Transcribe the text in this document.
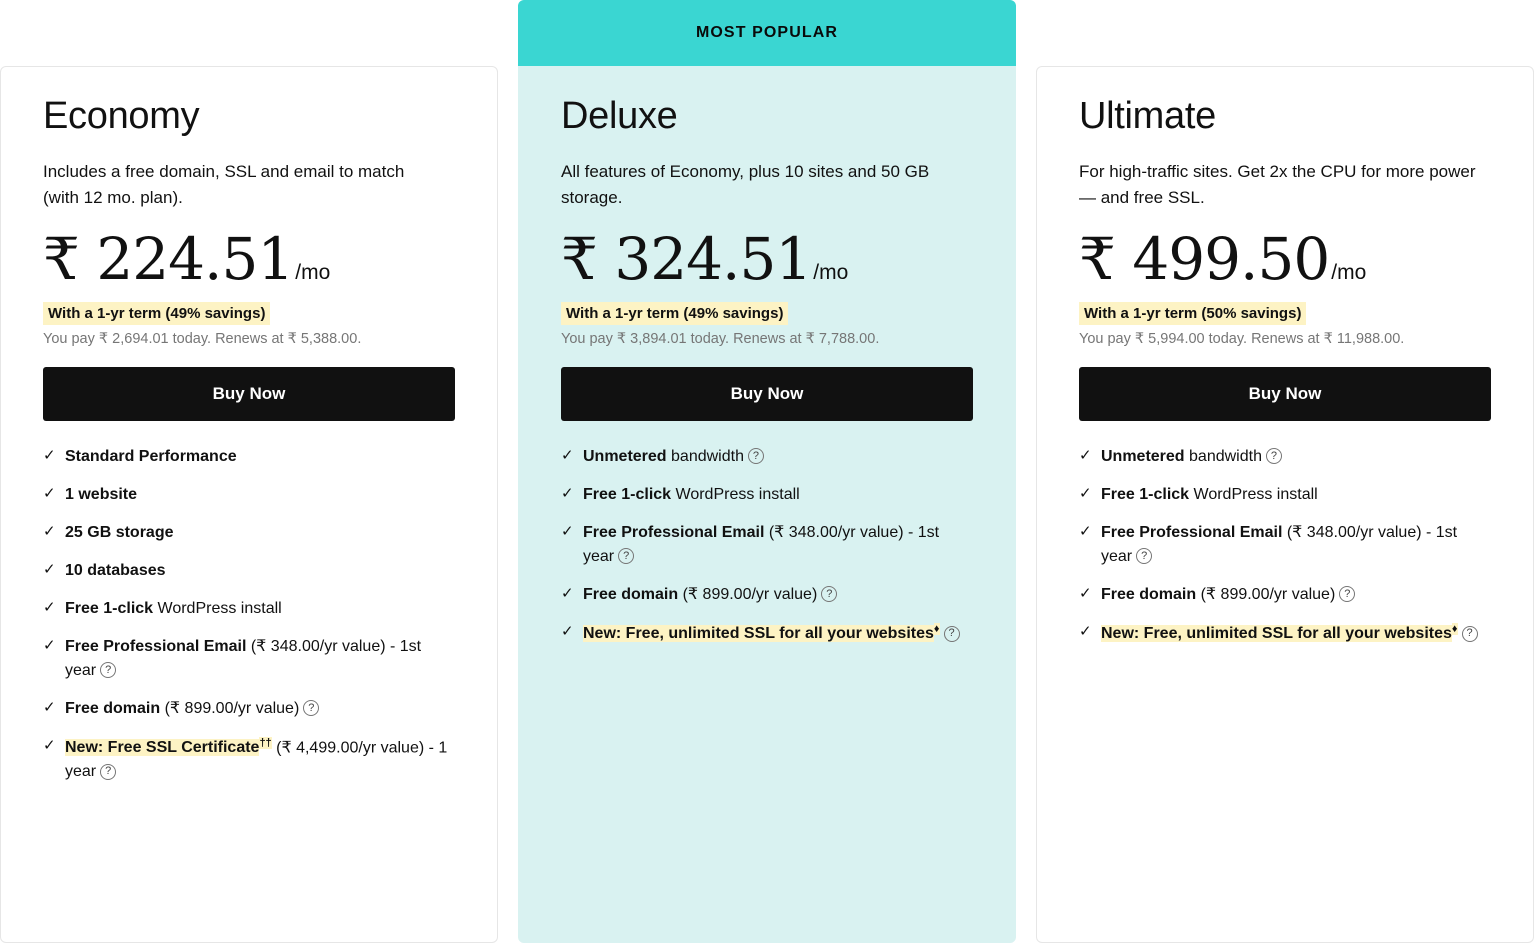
Economy

Includes a free domain, SSL and email to match (with 12 mo. plan).

₹ 224.51 /mo
With a 1-yr term (49% savings)

You pay ₹ 2,694.01 today. Renews at ₹ 5,388.00.

Buy Now
✓ Standard Performance
✓ 1 website
✓ 25 GB storage
✓ 10 databases
✓ Free 1-click WordPress install
✓ Free Professional Email (₹ 348.00/yr value) - 1st year ?
✓ Free domain (₹ 899.00/yr value) ?
✓ New: Free SSL Certificate†† (₹ 4,499.00/yr value) - 1 year ?
MOST POPULAR
Deluxe

All features of Economy, plus 10 sites and 50 GB storage.

₹ 324.51 /mo
With a 1-yr term (49% savings)

You pay ₹ 3,894.01 today. Renews at ₹ 7,788.00.

Buy Now
✓ Unmetered bandwidth ?
✓ Free 1-click WordPress install
✓ Free Professional Email (₹ 348.00/yr value) - 1st year ?
✓ Free domain (₹ 899.00/yr value) ?
✓ New: Free, unlimited SSL for all your websites♦ ?
Ultimate

For high-traffic sites. Get 2x the CPU for more power— and free SSL.

₹ 499.50 /mo
With a 1-yr term (50% savings)

You pay ₹ 5,994.00 today. Renews at ₹ 11,988.00.

Buy Now
✓ Unmetered bandwidth ?
✓ Free 1-click WordPress install
✓ Free Professional Email (₹ 348.00/yr value) - 1st year ?
✓ Free domain (₹ 899.00/yr value) ?
✓ New: Free, unlimited SSL for all your websites♦ ?
